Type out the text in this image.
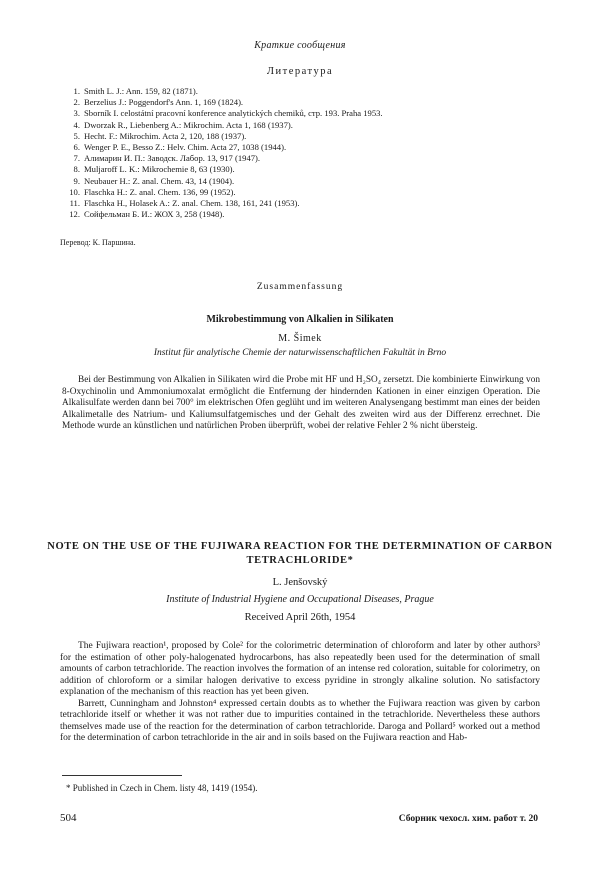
Краткие сообщения
Литература
1. Smith L. J.: Ann. 159, 82 (1871).
2. Berzelius J.: Poggendorf's Ann. 1, 169 (1824).
3. Sborník I. celostátní pracovní konference analytických chemiků, стр. 193. Praha 1953.
4. Dworzak R., Liebenberg A.: Mikrochim. Acta 1, 168 (1937).
5. Hecht. F.: Mikrochim. Acta 2, 120, 188 (1937).
6. Wenger P. E., Besso Z.: Helv. Chim. Acta 27, 1038 (1944).
7. Алимарин И. П.: Заводск. Лабор. 13, 917 (1947).
8. Muljaroff L. K.: Mikrochemie 8, 63 (1930).
9. Neubauer H.: Z. anal. Chem. 43, 14 (1904).
10. Flaschka H.: Z. anal. Chem. 136, 99 (1952).
11. Flaschka H., Holasek A.: Z. anal. Chem. 138, 161, 241 (1953).
12. Сойфельман Б. И.: ЖОХ 3, 258 (1948).
Перевод: К. Паршина.
Zusammenfassung
Mikrobestimmung von Alkalien in Silikaten
M. Šimek
Institut für analytische Chemie der naturwissenschaftlichen Fakultät in Brno

Bei der Bestimmung von Alkalien in Silikaten wird die Probe mit HF und H₂SO₄ zersetzt. Die kombinierte Einwirkung von 8-Oxychinolin und Ammoniumoxalat ermöglicht die Entfernung der hindernden Kationen in einer einzigen Operation. Die Alkalisulfate werden dann bei 700° im elektrischen Ofen geglüht und im weiteren Analysengang bestimmt man eines der beiden Alkalimetalle des Natrium- und Kaliumsulfatgemisches und der Gehalt des zweiten wird aus der Differenz errechnet. Die Methode wurde an künstlichen und natürlichen Proben überprüft, wobei der relative Fehler 2 % nicht übersteig.

NOTE ON THE USE OF THE FUJIWARA REACTION FOR THE DETERMINATION OF CARBON TETRACHLORIDE*
L. Jenšovský
Institute of Industrial Hygiene and Occupational Diseases, Prague
Received April 26th, 1954

The Fujiwara reaction¹, proposed by Cole² for the colorimetric determination of chloroform and later by other authors³ for the estimation of other poly-halogenated hydrocarbons, has also repeatedly been used for the determination of small amounts of carbon tetrachloride. The reaction involves the formation of an intense red coloration, suitable for colorimetry, on addition of chloroform or a similar halogen derivative to excess pyridine in strongly alkaline solution. No satisfactory explanation of the mechanism of this reaction has yet been given.

Barrett, Cunningham and Johnston⁴ expressed certain doubts as to whether the Fujiwara reaction was given by carbon tetrachloride itself or whether it was not rather due to impurities contained in the tetrachloride. Nevertheless these authors themselves made use of the reaction for the determination of carbon tetrachloride. Daroga and Pollard⁵ worked out a method for the determination of carbon tetrachloride in the air and in soils based on the Fujiwara reaction and Hab-

* Published in Czech in Chem. listy 48, 1419 (1954).
504	Сборник чехосл. хим. работ т. 20
